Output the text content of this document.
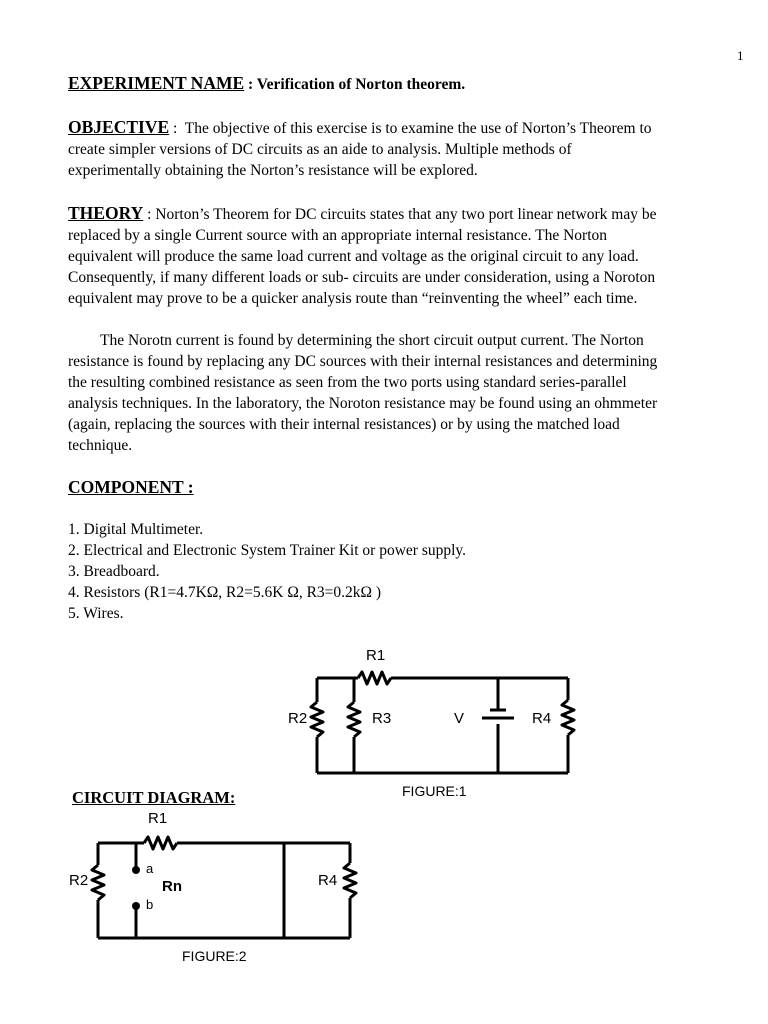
1
EXPERIMENT NAME : Verification of Norton theorem.
OBJECTIVE :  The objective of this exercise is to examine the use of Norton’s Theorem to
create simpler versions of DC circuits as an aide to analysis. Multiple methods of
experimentally obtaining the Norton’s resistance will be explored.
THEORY : Norton’s Theorem for DC circuits states that any two port linear network may be
replaced by a single Current source with an appropriate internal resistance. The Norton
equivalent will produce the same load current and voltage as the original circuit to any load.
Consequently, if many different loads or sub- circuits are under consideration, using a Noroton
equivalent may prove to be a quicker analysis route than “reinventing the wheel” each time.
The Norotn current is found by determining the short circuit output current. The Norton
resistance is found by replacing any DC sources with their internal resistances and determining
the resulting combined resistance as seen from the two ports using standard series-parallel
analysis techniques. In the laboratory, the Noroton resistance may be found using an ohmmeter
(again, replacing the sources with their internal resistances) or by using the matched load
technique.
COMPONENT :
1. Digital Multimeter.
2. Electrical and Electronic System Trainer Kit or power supply.
3. Breadboard.
4. Resistors (R1=4.7KΩ, R2=5.6K Ω, R3=0.2kΩ )
5. Wires.
R1
R2	R3	V	R4
FIGURE:1
CIRCUIT DIAGRAM:
R1
R2
a
Rn
b
R4
FIGURE:2
